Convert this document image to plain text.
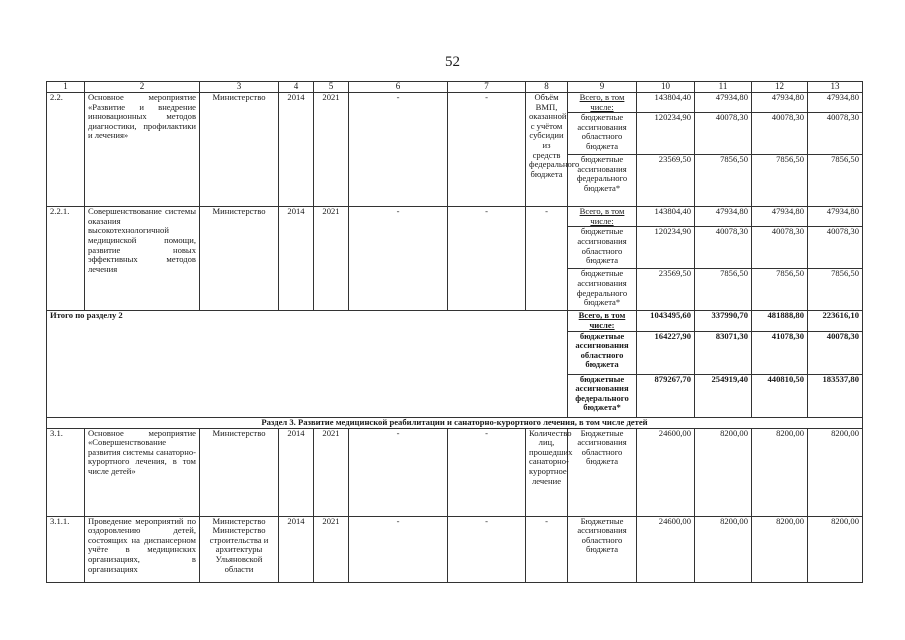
52
1	2	3	4	5	6	7	8	9	10	11	12	13
2.2.	Основное мероприятие «Развитие и внедрение инновационных методов диагностики, профилактики и лечения»	Министерство	2014	2021	-	-	Объём ВМП, оказанной с учётом субсидии из средств федерального бюджета	Всего, в том числе:	143804,40	47934,80	47934,80	47934,80
								бюджетные ассигнования областного бюджета	120234,90	40078,30	40078,30	40078,30
								бюджетные ассигнования федерального бюджета*	23569,50	7856,50	7856,50	7856,50
2.2.1.	Совершенствование системы оказания высокотехнологичной медицинской помощи, развитие новых эффективных методов лечения	Министерство	2014	2021	-	-	-	Всего, в том числе:	143804,40	47934,80	47934,80	47934,80
								бюджетные ассигнования областного бюджета	120234,90	40078,30	40078,30	40078,30
								бюджетные ассигнования федерального бюджета*	23569,50	7856,50	7856,50	7856,50
Итого по разделу 2								Всего, в том числе:	1043495,60	337990,70	481888,80	223616,10
								бюджетные ассигнования областного бюджета	164227,90	83071,30	41078,30	40078,30
								бюджетные ассигнования федерального бюджета*	879267,70	254919,40	440810,50	183537,80
Раздел 3. Развитие медицинской реабилитации и санаторно-курортного лечения, в том числе детей												
3.1.	Основное мероприятие «Совершенствование развития системы санаторно-курортного лечения, в том числе детей»	Министерство	2014	2021	-	-	Количество лиц, прошедших санаторно-курортное лечение	Бюджетные ассигнования областного бюджета	24600,00	8200,00	8200,00	8200,00
3.1.1.	Проведение мероприятий по оздоровлению детей, состоящих на диспансерном учёте в медицинских организациях, в организациях	Министерство Министерство строительства и архитектуры Ульяновской области	2014	2021	-	-	-	Бюджетные ассигнования областного бюджета	24600,00	8200,00	8200,00	8200,00
